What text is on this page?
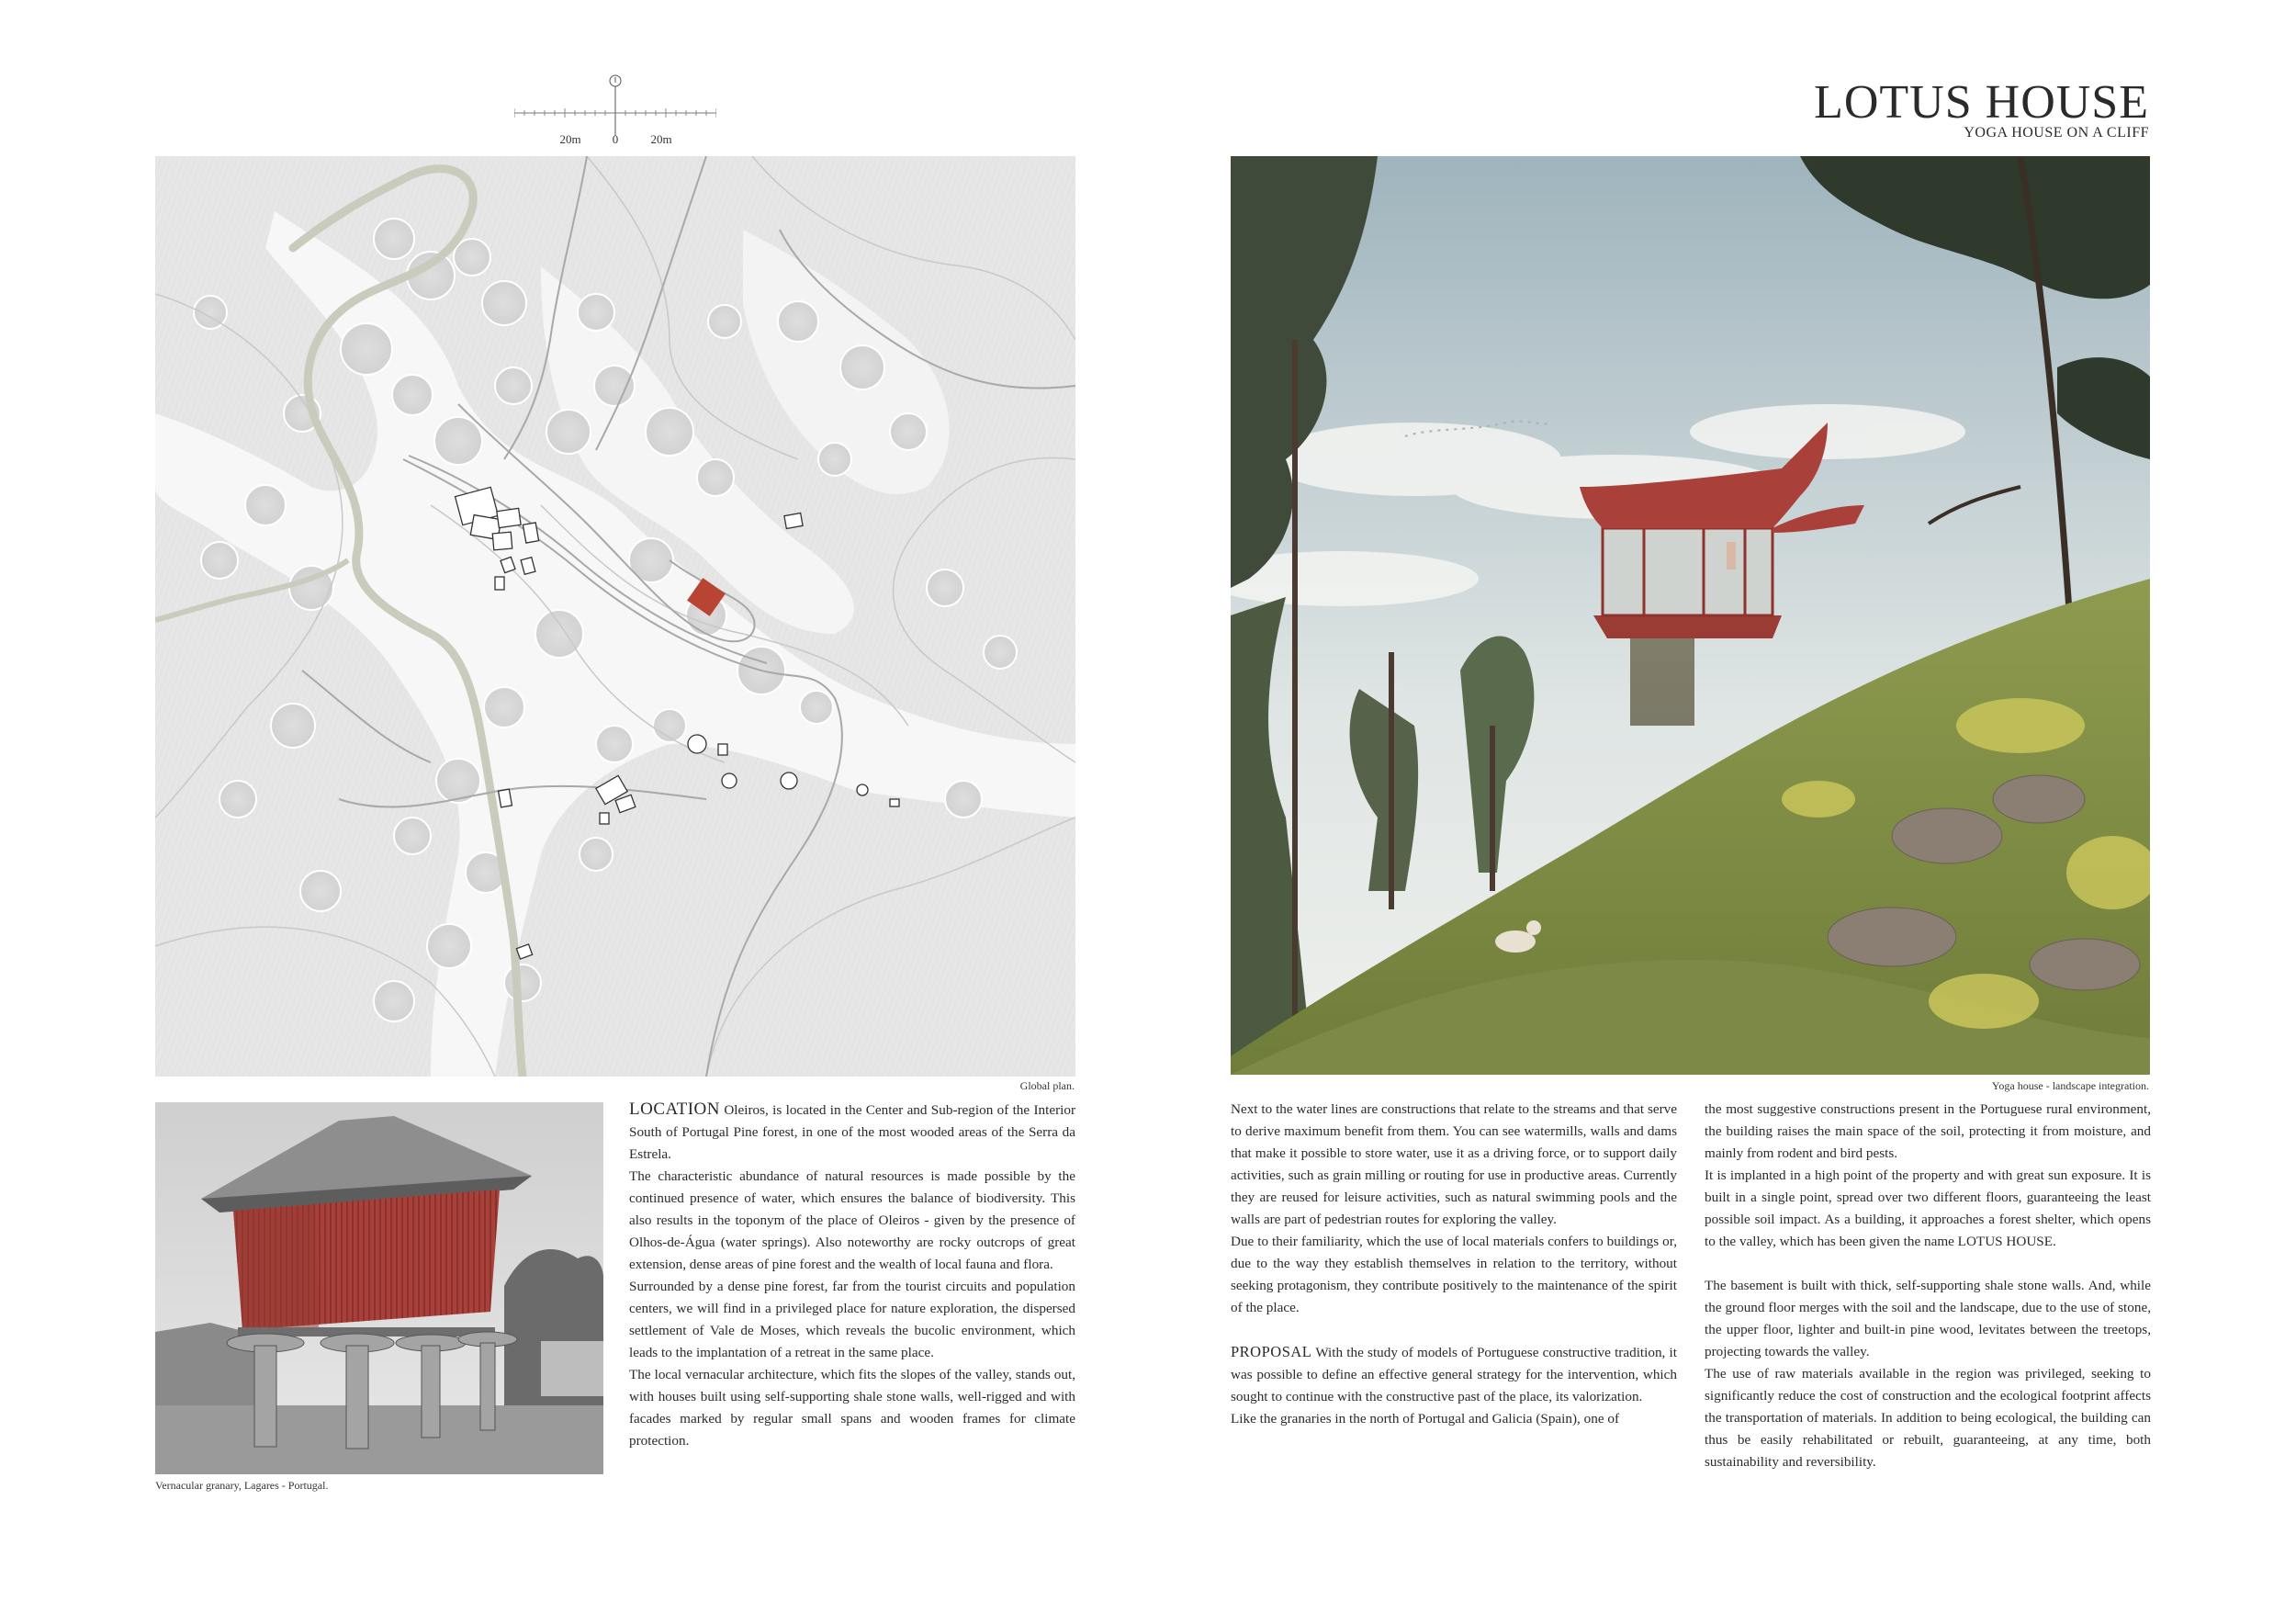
20m	0	20m
Global plan.
Vernacular granary, Lagares - Portugal.

LOCATION Oleiros, is located in the Center and Sub-region of the Interior South of Portugal Pine forest, in one of the most wooded areas of the Serra da Estrela.

The characteristic abundance of natural resources is made possible by the continued presence of water, which ensures the balance of biodiversity. This also results in the toponym of the place of Oleiros - given by the presence of Olhos-de-Água (water springs). Also noteworthy are rocky outcrops of great extension, dense areas of pine forest and the wealth of local fauna and flora.

Surrounded by a dense pine forest, far from the tourist circuits and population centers, we will find in a privileged place for nature exploration, the dispersed settlement of Vale de Moses, which reveals the bucolic environment, which leads to the implantation of a retreat in the same place.

The local vernacular architecture, which fits the slopes of the valley, stands out, with houses built using self-supporting shale stone walls, well-rigged and with facades marked by regular small spans and wooden frames for climate protection.

LOTUS HOUSE
YOGA HOUSE ON A CLIFF
Yoga house - landscape integration.

Next to the water lines are constructions that relate to the streams and that serve to derive maximum benefit from them. You can see watermills, walls and dams that make it possible to store water, use it as a driving force, or to support daily activities, such as grain milling or routing for use in productive areas. Currently they are reused for leisure activities, such as natural swimming pools and the walls are part of pedestrian routes for exploring the valley.

Due to their familiarity, which the use of local materials confers to buildings or, due to the way they establish themselves in relation to the territory, without seeking protagonism, they contribute positively to the maintenance of the spirit of the place.

PROPOSAL With the study of models of Portuguese constructive tradition, it was possible to define an effective general strategy for the intervention, which sought to continue with the constructive past of the place, its valorization.

Like the granaries in the north of Portugal and Galicia (Spain), one of

the most suggestive constructions present in the Portuguese rural environment, the building raises the main space of the soil, protecting it from moisture, and mainly from rodent and bird pests.

It is implanted in a high point of the property and with great sun exposure. It is built in a single point, spread over two different floors, guaranteeing the least possible soil impact. As a building, it approaches a forest shelter, which opens to the valley, which has been given the name LOTUS HOUSE.

The basement is built with thick, self-supporting shale stone walls. And, while the ground floor merges with the soil and the landscape, due to the use of stone, the upper floor, lighter and built-in pine wood, levitates between the treetops, projecting towards the valley.

The use of raw materials available in the region was privileged, seeking to significantly reduce the cost of construction and the ecological footprint affects the transportation of materials. In addition to being ecological, the building can thus be easily rehabilitated or rebuilt, guaranteeing, at any time, both sustainability and reversibility.
